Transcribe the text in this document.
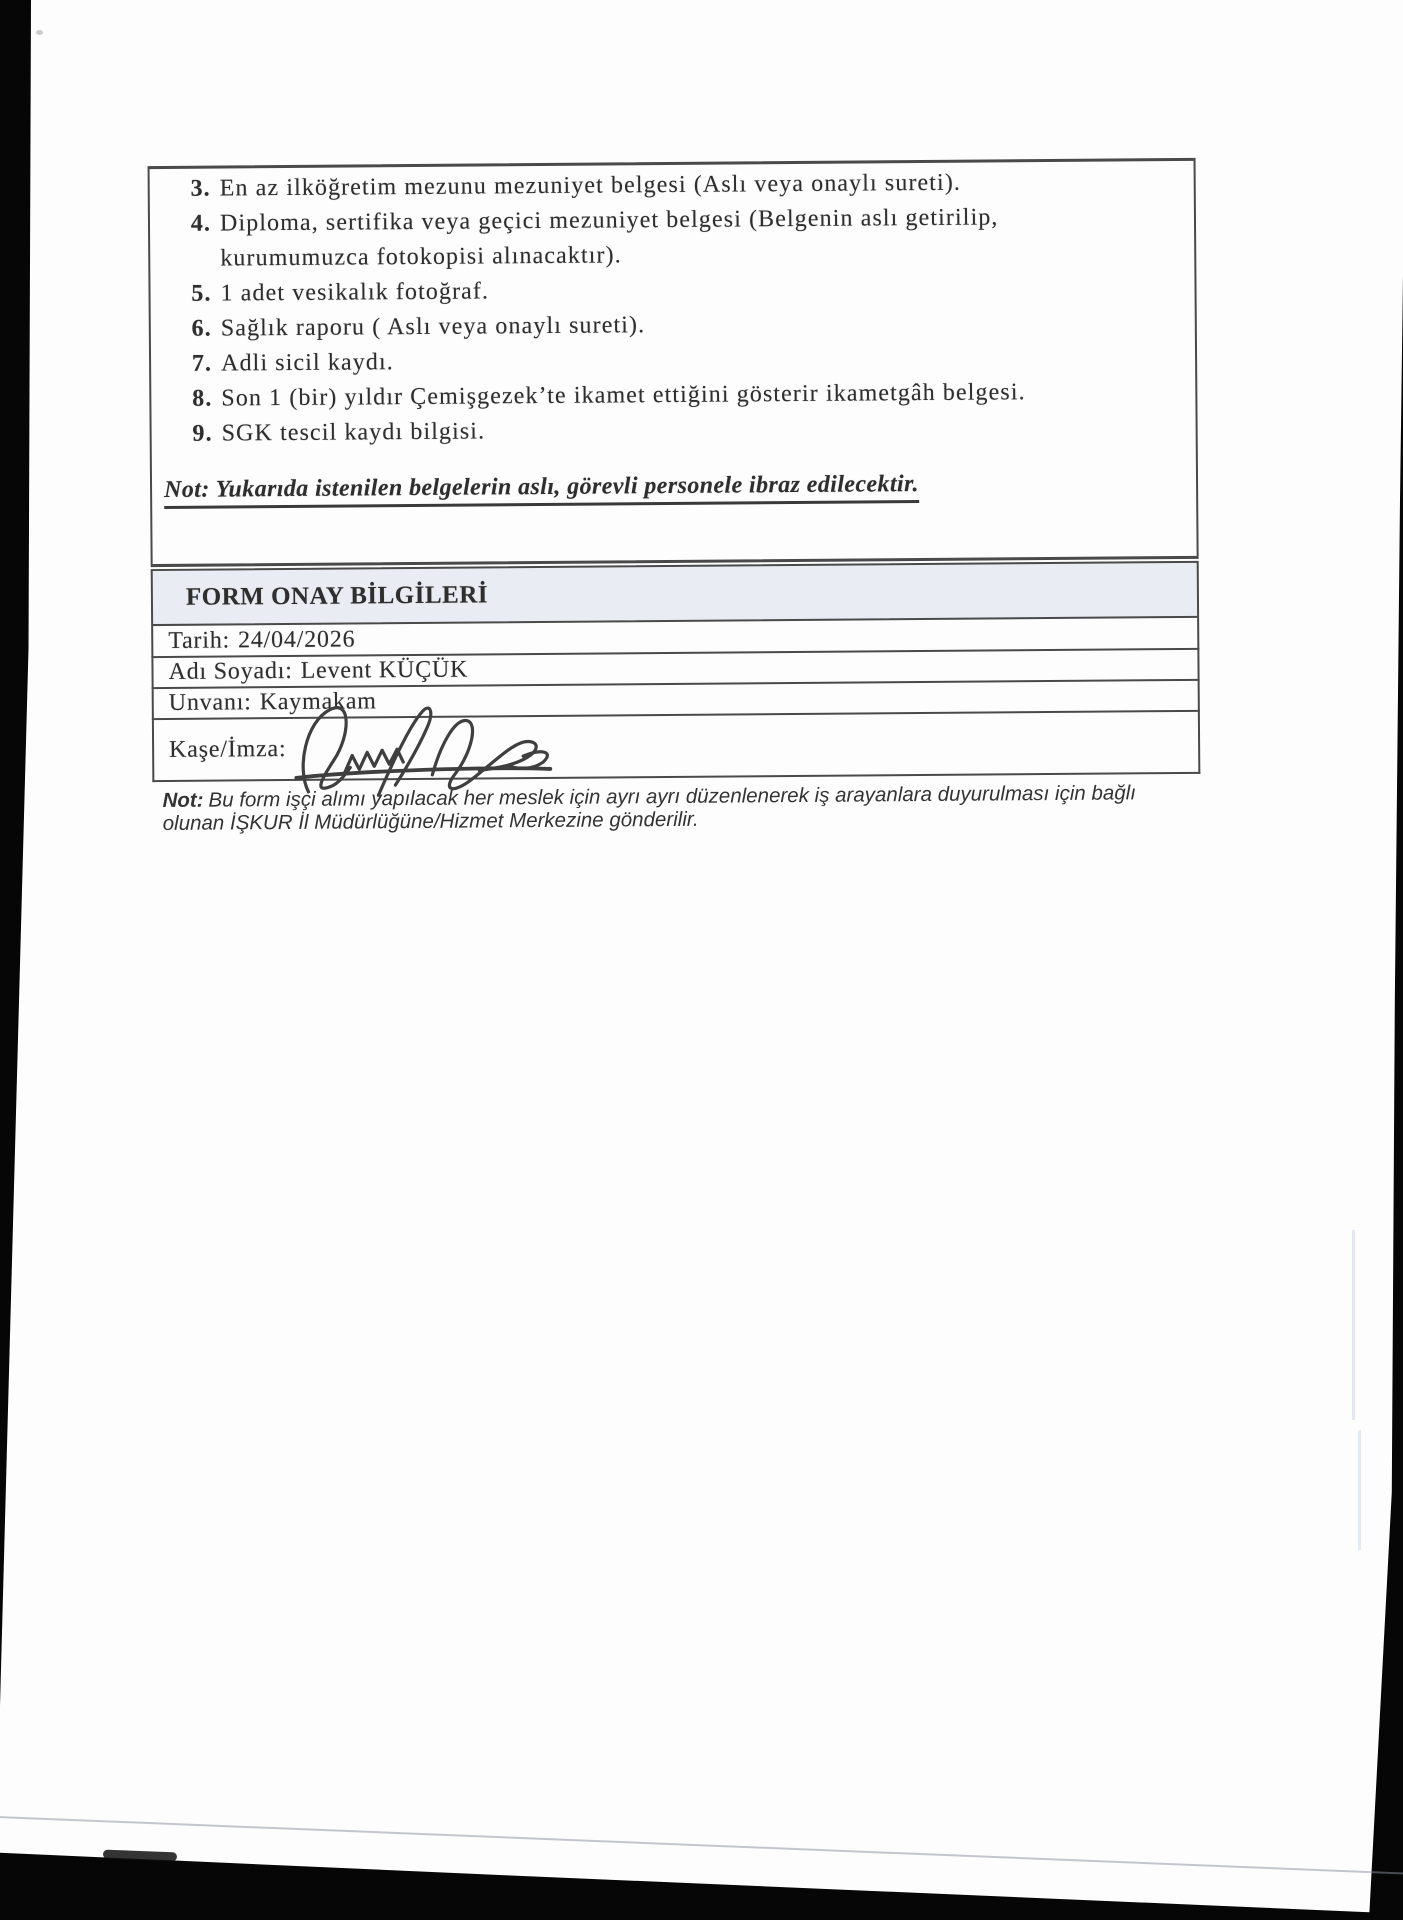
3. En az ilköğretim mezunu mezuniyet belgesi (Aslı veya onaylı sureti).
4. Diploma, sertifika veya geçici mezuniyet belgesi (Belgenin aslı getirilip,
kurumumuzca fotokopisi alınacaktır).
5. 1 adet vesikalık fotoğraf.
6. Sağlık raporu ( Aslı veya onaylı sureti).
7. Adli sicil kaydı.
8. Son 1 (bir) yıldır Çemişgezek’te ikamet ettiğini gösterir ikametgâh belgesi.
9. SGK tescil kaydı bilgisi.
Not: Yukarıda istenilen belgelerin aslı, görevli personele ibraz edilecektir.
FORM ONAY BİLGİLERİ
Tarih: 24/04/2026
Adı Soyadı: Levent KÜÇÜK
Unvanı: Kaymakam
Kaşe/İmza:
Not: Bu form işçi alımı yapılacak her meslek için ayrı ayrı düzenlenerek iş arayanlara duyurulması için bağlı
olunan İŞKUR İl Müdürlüğüne/Hizmet Merkezine gönderilir.
